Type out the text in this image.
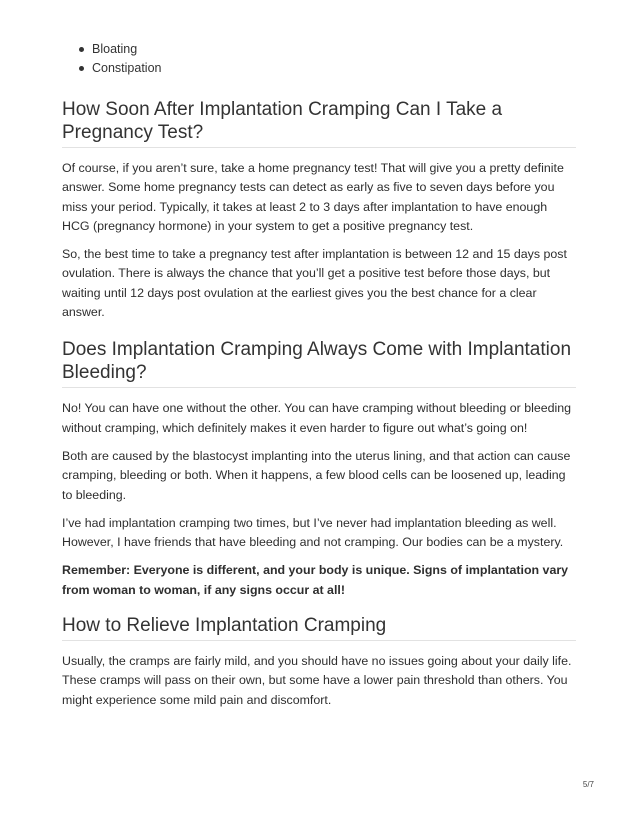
Bloating
Constipation
How Soon After Implantation Cramping Can I Take a Pregnancy Test?

Of course, if you aren’t sure, take a home pregnancy test! That will give you a pretty definite answer. Some home pregnancy tests can detect as early as five to seven days before you miss your period. Typically, it takes at least 2 to 3 days after implantation to have enough HCG (pregnancy hormone) in your system to get a positive pregnancy test.

So, the best time to take a pregnancy test after implantation is between 12 and 15 days post ovulation. There is always the chance that you’ll get a positive test before those days, but waiting until 12 days post ovulation at the earliest gives you the best chance for a clear answer.

Does Implantation Cramping Always Come with Implantation Bleeding?

No! You can have one without the other. You can have cramping without bleeding or bleeding without cramping, which definitely makes it even harder to figure out what’s going on!

Both are caused by the blastocyst implanting into the uterus lining, and that action can cause cramping, bleeding or both. When it happens, a few blood cells can be loosened up, leading to bleeding.

I’ve had implantation cramping two times, but I’ve never had implantation bleeding as well. However, I have friends that have bleeding and not cramping. Our bodies can be a mystery.

Remember: Everyone is different, and your body is unique. Signs of implantation vary from woman to woman, if any signs occur at all!

How to Relieve Implantation Cramping

Usually, the cramps are fairly mild, and you should have no issues going about your daily life. These cramps will pass on their own, but some have a lower pain threshold than others. You might experience some mild pain and discomfort.

5/7
